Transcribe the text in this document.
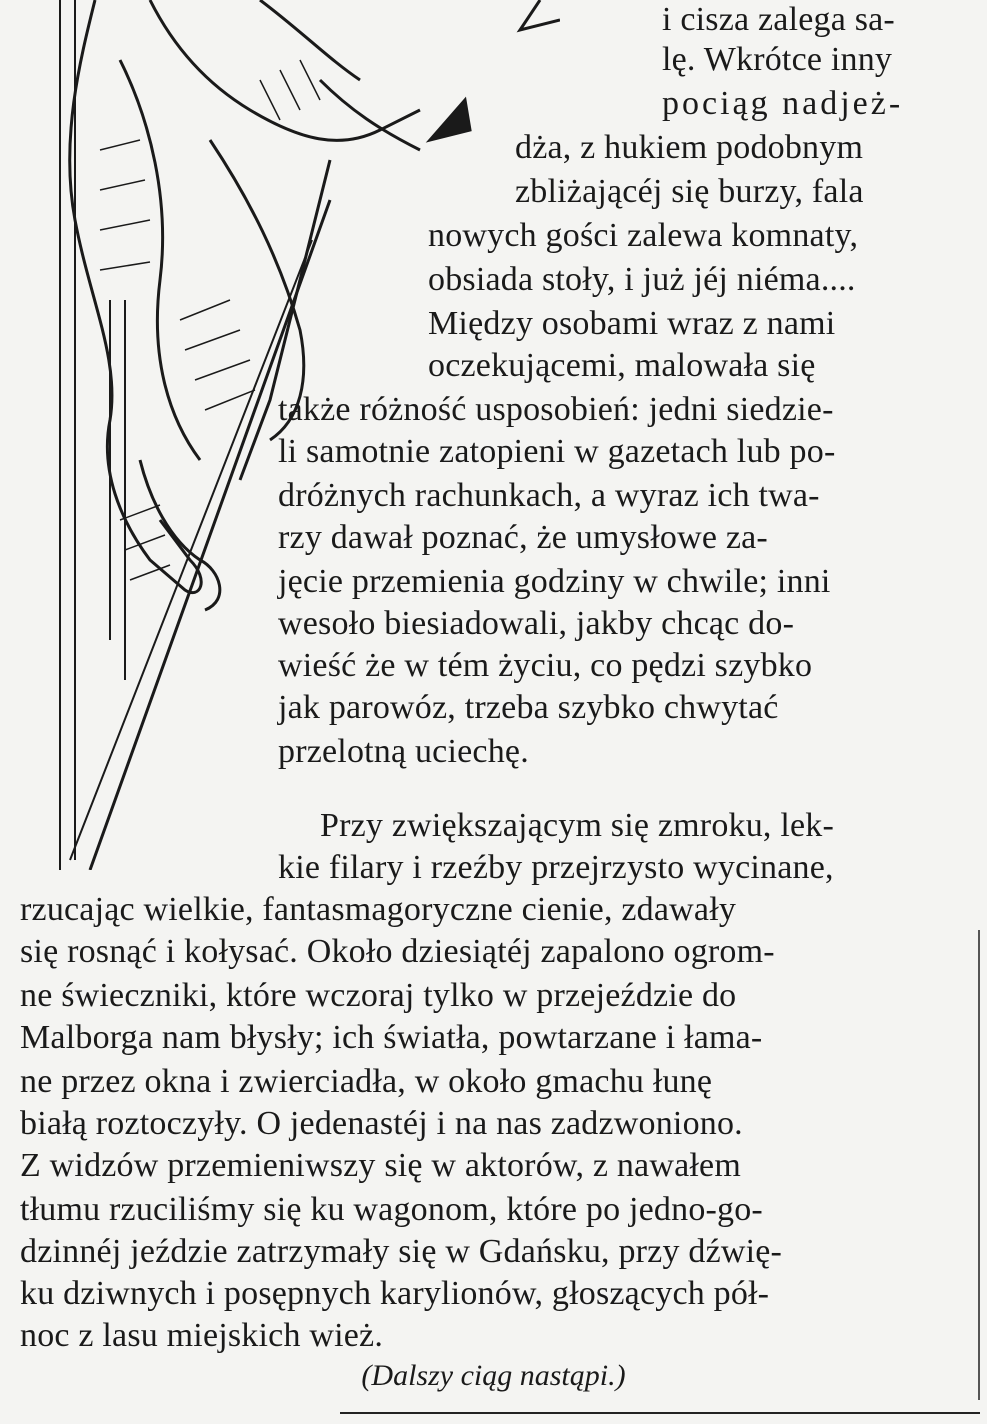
i cisza zalega sa-
lę. Wkrótce inny
pociąg nadjeż-
dża, z hukiem podobnym
zbliżającéj się burzy, fala
nowych gości zalewa komnaty,
obsiada stoły, i już jéj niéma....
Między osobami wraz z nami
oczekującemi, malowała się
także różność usposobień: jedni siedzie-
li samotnie zatopieni w gazetach lub po-
dróżnych rachunkach, a wyraz ich twa-
rzy dawał poznać, że umysłowe za-
jęcie przemienia godziny w chwile; inni
wesoło biesiadowali, jakby chcąc do-
wieść że w tém życiu, co pędzi szybko
jak parowóz, trzeba szybko chwytać
przelotną uciechę.
Przy zwiększającym się zmroku, lek-
kie filary i rzeźby przejrzysto wycinane,
rzucając wielkie, fantasmagoryczne cienie, zdawały
się rosnąć i kołysać. Około dziesiątéj zapalono ogrom-
ne świeczniki, które wczoraj tylko w przejeździe do
Malborga nam błysły; ich światła, powtarzane i łama-
ne przez okna i zwierciadła, w około gmachu łunę
białą roztoczyły. O jedenastéj i na nas zadzwoniono.
Z widzów przemieniwszy się w aktorów, z nawałem
tłumu rzuciliśmy się ku wagonom, które po jedno-go-
dzinnéj jeździe zatrzymały się w Gdańsku, przy dźwię-
ku dziwnych i posępnych karylionów, głoszących pół-
noc z lasu miejskich wież.
(Dalszy ciąg nastąpi.)
